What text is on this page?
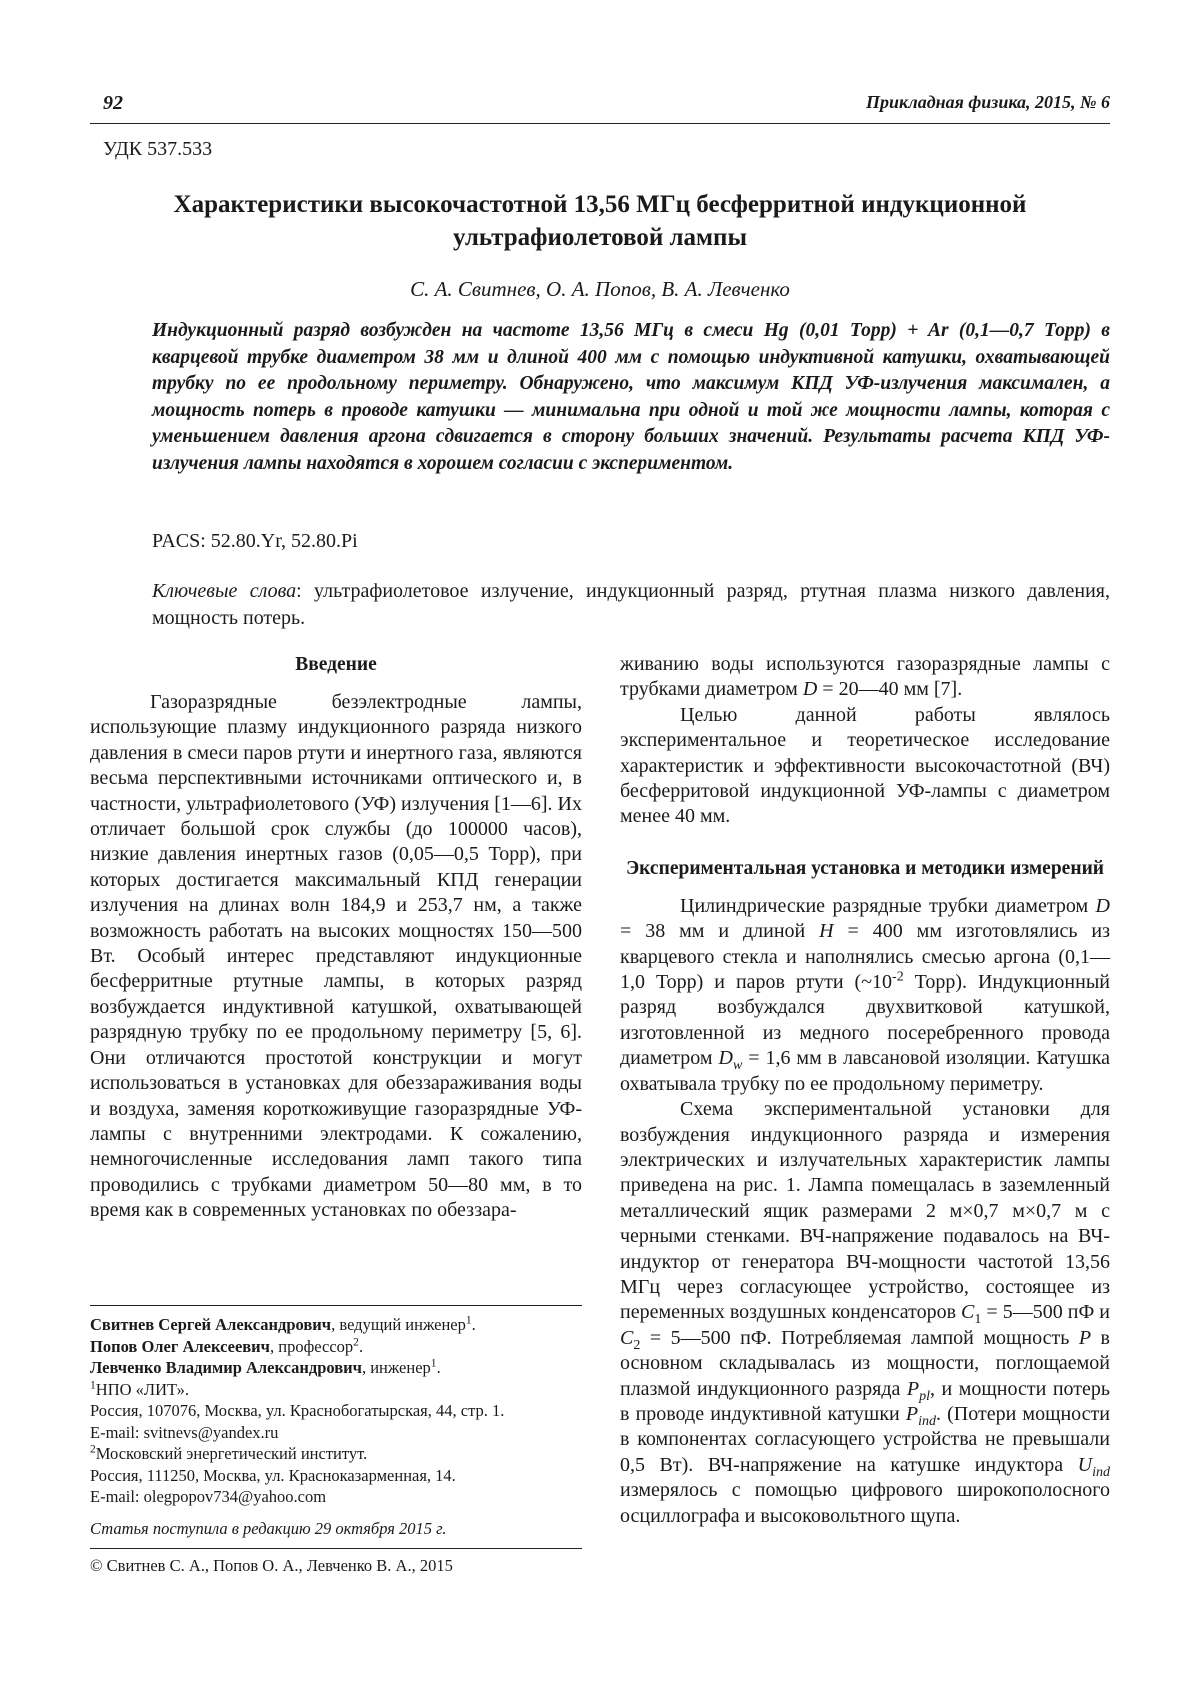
92	Прикладная физика, 2015, № 6
УДК 537.533
Характеристики высокочастотной 13,56 МГц бесферритной индукционной
ультрафиолетовой лампы
С. А. Свитнев, О. А. Попов, В. А. Левченко

Индукционный разряд возбужден на частоте 13,56 МГц в смеси Hg (0,01 Торр) + Ar (0,1—0,7 Торр) в кварцевой трубке диаметром 38 мм и длиной 400 мм с помощью индуктивной катушки, охватывающей трубку по ее продольному периметру. Обнаружено, что максимум КПД УФ-излучения максимален, а мощность потерь в проводе катушки — минимальна при одной и той же мощности лампы, которая с уменьшением давления аргона сдвигается в сторону больших значений. Результаты расчета КПД УФ-излучения лампы находятся в хорошем согласии с экспериментом.

PACS: 52.80.Yr, 52.80.Pi

Ключевые слова: ультрафиолетовое излучение, индукционный разряд, ртутная плазма низкого давления, мощность потерь.

Введение

Газоразрядные безэлектродные лампы, использующие плазму индукционного разряда низкого давления в смеси паров ртути и инертного газа, являются весьма перспективными источниками оптического и, в частности, ультрафиолетового (УФ) излучения [1—6]. Их отличает большой срок службы (до 100000 часов), низкие давления инертных газов (0,05—0,5 Торр), при которых достигается максимальный КПД генерации излучения на длинах волн 184,9 и 253,7 нм, а также возможность работать на высоких мощностях 150—500 Вт. Особый интерес представляют индукционные бесферритные ртутные лампы, в которых разряд возбуждается индуктивной катушкой, охватывающей разрядную трубку по ее продольному периметру [5, 6]. Они отличаются простотой конструкции и могут использоваться в установках для обеззараживания воды и воздуха, заменяя короткоживущие газоразрядные УФ-лампы с внутренними электродами. К сожалению, немногочисленные исследования ламп такого типа проводились с трубками диаметром 50—80 мм, в то время как в современных установках по обеззара-

живанию воды используются газоразрядные лампы с трубками диаметром D = 20—40 мм [7].

Целью данной работы являлось экспериментальное и теоретическое исследование характеристик и эффективности высокочастотной (ВЧ) бесферритовой индукционной УФ-лампы с диаметром менее 40 мм.

Экспериментальная установка и методики измерений

Цилиндрические разрядные трубки диаметром D = 38 мм и длиной H = 400 мм изготовлялись из кварцевого стекла и наполнялись смесью аргона (0,1—1,0 Торр) и паров ртути ($\sim 10^{-2}$ Торр). Индукционный разряд возбуждался двухвитковой катушкой, изготовленной из медного посеребренного провода диаметром $D_w = 1,6$ мм в лавсановой изоляции. Катушка охватывала трубку по ее продольному периметру.

Схема экспериментальной установки для возбуждения индукционного разряда и измерения электрических и излучательных характеристик лампы приведена на рис. 1. Лампа помещалась в заземленный металлический ящик размерами 2 м×0,7 м×0,7 м с черными стенками. ВЧ-напряжение подавалось на ВЧ-индуктор от генератора ВЧ-мощности частотой 13,56 МГц через согласующее устройство, состоящее из переменных воздушных конденсаторов $C_1$ = 5—500 пФ и $C_2$ = 5—500 пФ. Потребляемая лампой мощность P в основном складывалась из мощности, поглощаемой плазмой индукционного разряда $P_{pl}$, и мощности потерь в проводе индуктивной катушки $P_{ind}$. (Потери мощности в компонентах согласующего устройства не превышали 0,5 Вт). ВЧ-напряжение на катушке индуктора $U_{ind}$ измерялось с помощью цифрового широкополосного осциллографа и высоковольтного щупа.

Свитнев Сергей Александрович, ведущий инженер$^1$.
Попов Олег Алексеевич, профессор$^2$.
Левченко Владимир Александрович, инженер$^1$.
$^1$НПО «ЛИТ».
Россия, 107076, Москва, ул. Краснобогатырская, 44, стр. 1.
E-mail: svitnevs@yandex.ru
$^2$Московский энергетический институт.
Россия, 111250, Москва, ул. Красноказарменная, 14.
E-mail: olegpopov734@yahoo.com
Статья поступила в редакцию 29 октября 2015 г.
© Свитнев С. А., Попов О. А., Левченко В. А., 2015
